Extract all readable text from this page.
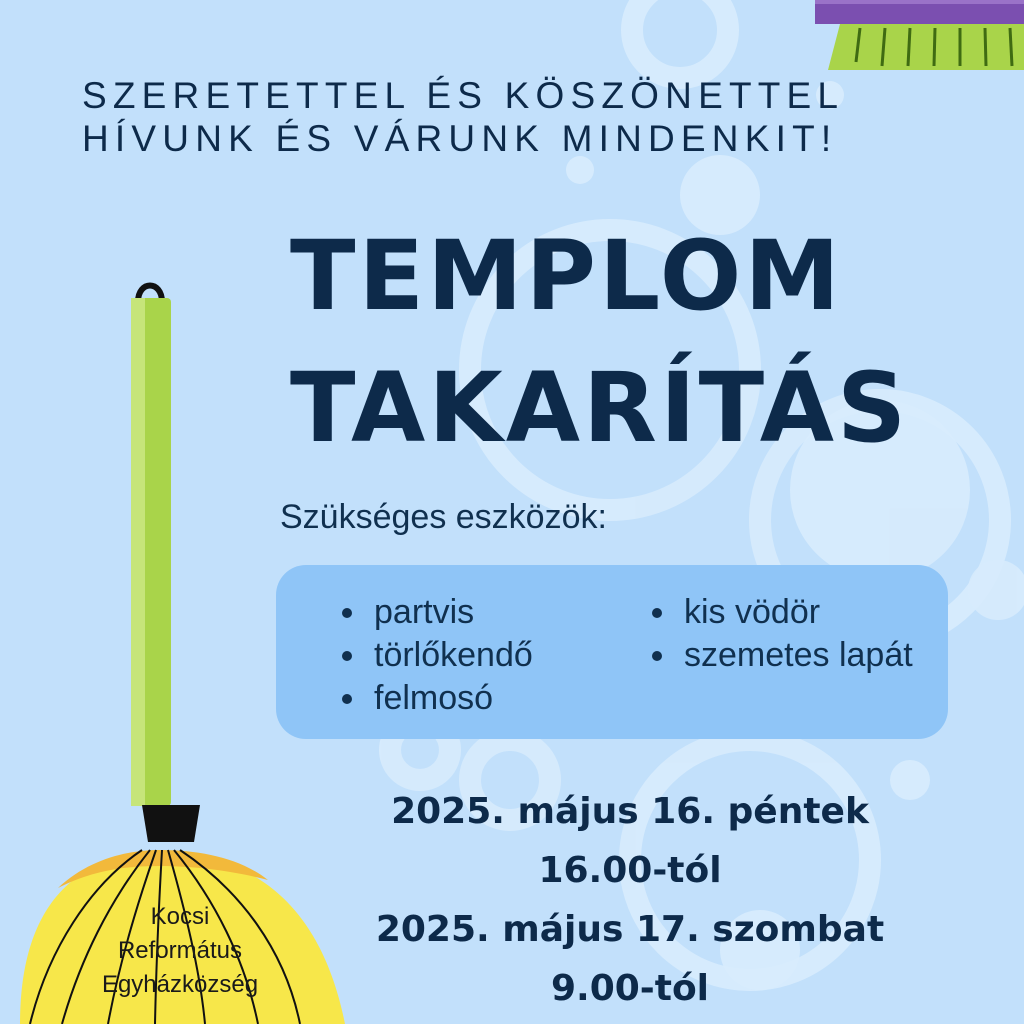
SZERETETTEL ÉS KÖSZÖNETTEL
HÍVUNK ÉS VÁRUNK MINDENKIT!
TEMPLOM
TAKARÍTÁS

Szükséges eszközök:

partvis
törlőkendő
felmosó
kis vödör
szemetes lapát
2025. május 16. péntek
16.00-tól
2025. május 17. szombat
9.00-tól
Kocsi
Református
Egyházközség
